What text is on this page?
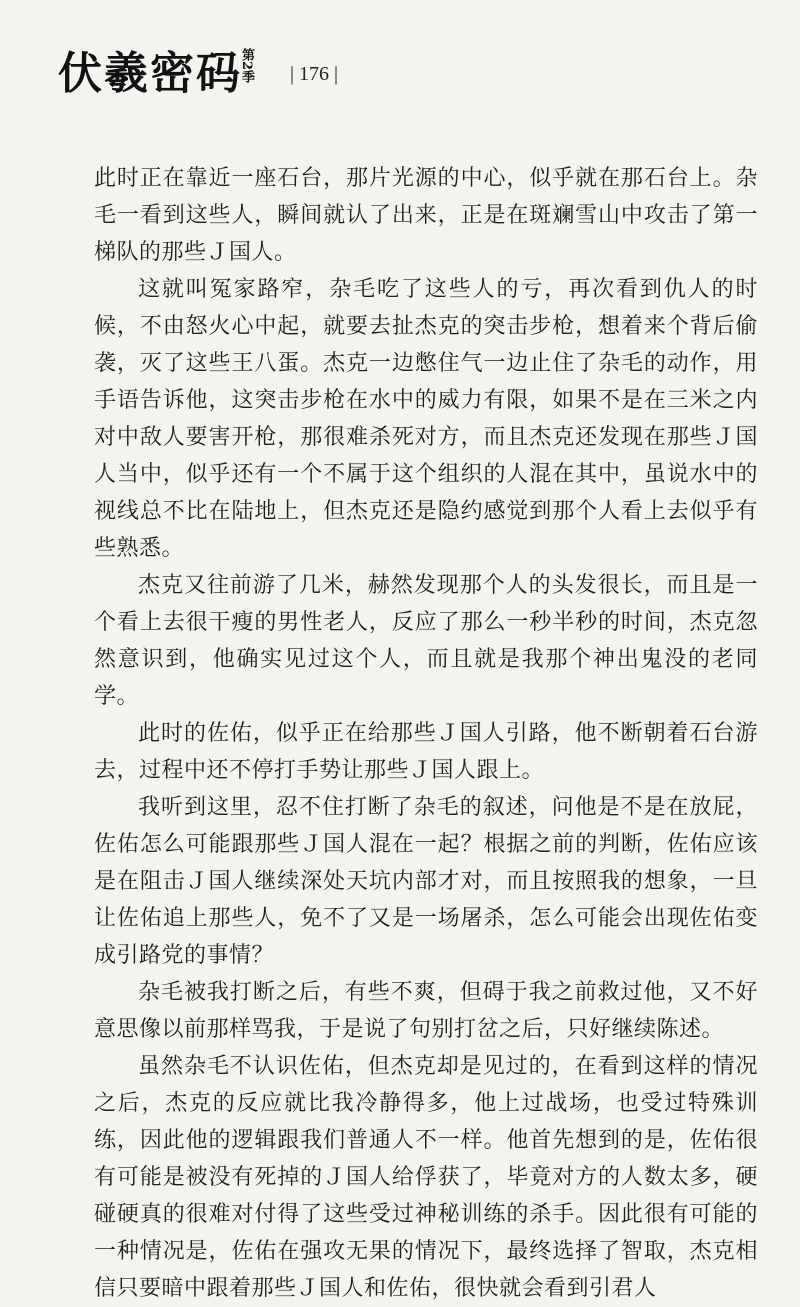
伏羲密码
第2季 | 176 |

此时正在靠近一座石台，那片光源的中心，似乎就在那石台上。杂毛一看到这些人，瞬间就认了出来，正是在斑斓雪山中攻击了第一梯队的那些Ｊ国人。

这就叫冤家路窄，杂毛吃了这些人的亏，再次看到仇人的时候，不由怒火心中起，就要去扯杰克的突击步枪，想着来个背后偷袭，灭了这些王八蛋。杰克一边憋住气一边止住了杂毛的动作，用手语告诉他，这突击步枪在水中的威力有限，如果不是在三米之内对中敌人要害开枪，那很难杀死对方，而且杰克还发现在那些Ｊ国人当中，似乎还有一个不属于这个组织的人混在其中，虽说水中的视线总不比在陆地上，但杰克还是隐约感觉到那个人看上去似乎有些熟悉。

杰克又往前游了几米，赫然发现那个人的头发很长，而且是一个看上去很干瘦的男性老人，反应了那么一秒半秒的时间，杰克忽然意识到，他确实见过这个人，而且就是我那个神出鬼没的老同学。

此时的佐佑，似乎正在给那些Ｊ国人引路，他不断朝着石台游去，过程中还不停打手势让那些Ｊ国人跟上。

我听到这里，忍不住打断了杂毛的叙述，问他是不是在放屁，佐佑怎么可能跟那些Ｊ国人混在一起？根据之前的判断，佐佑应该是在阻击Ｊ国人继续深处天坑内部才对，而且按照我的想象，一旦让佐佑追上那些人，免不了又是一场屠杀，怎么可能会出现佐佑变成引路党的事情？

杂毛被我打断之后，有些不爽，但碍于我之前救过他，又不好意思像以前那样骂我，于是说了句别打岔之后，只好继续陈述。

虽然杂毛不认识佐佑，但杰克却是见过的，在看到这样的情况之后，杰克的反应就比我冷静得多，他上过战场，也受过特殊训练，因此他的逻辑跟我们普通人不一样。他首先想到的是，佐佑很有可能是被没有死掉的Ｊ国人给俘获了，毕竟对方的人数太多，硬碰硬真的很难对付得了这些受过神秘训练的杀手。因此很有可能的一种情况是，佐佑在强攻无果的情况下，最终选择了智取，杰克相信只要暗中跟着那些Ｊ国人和佐佑，很快就会看到引君人
